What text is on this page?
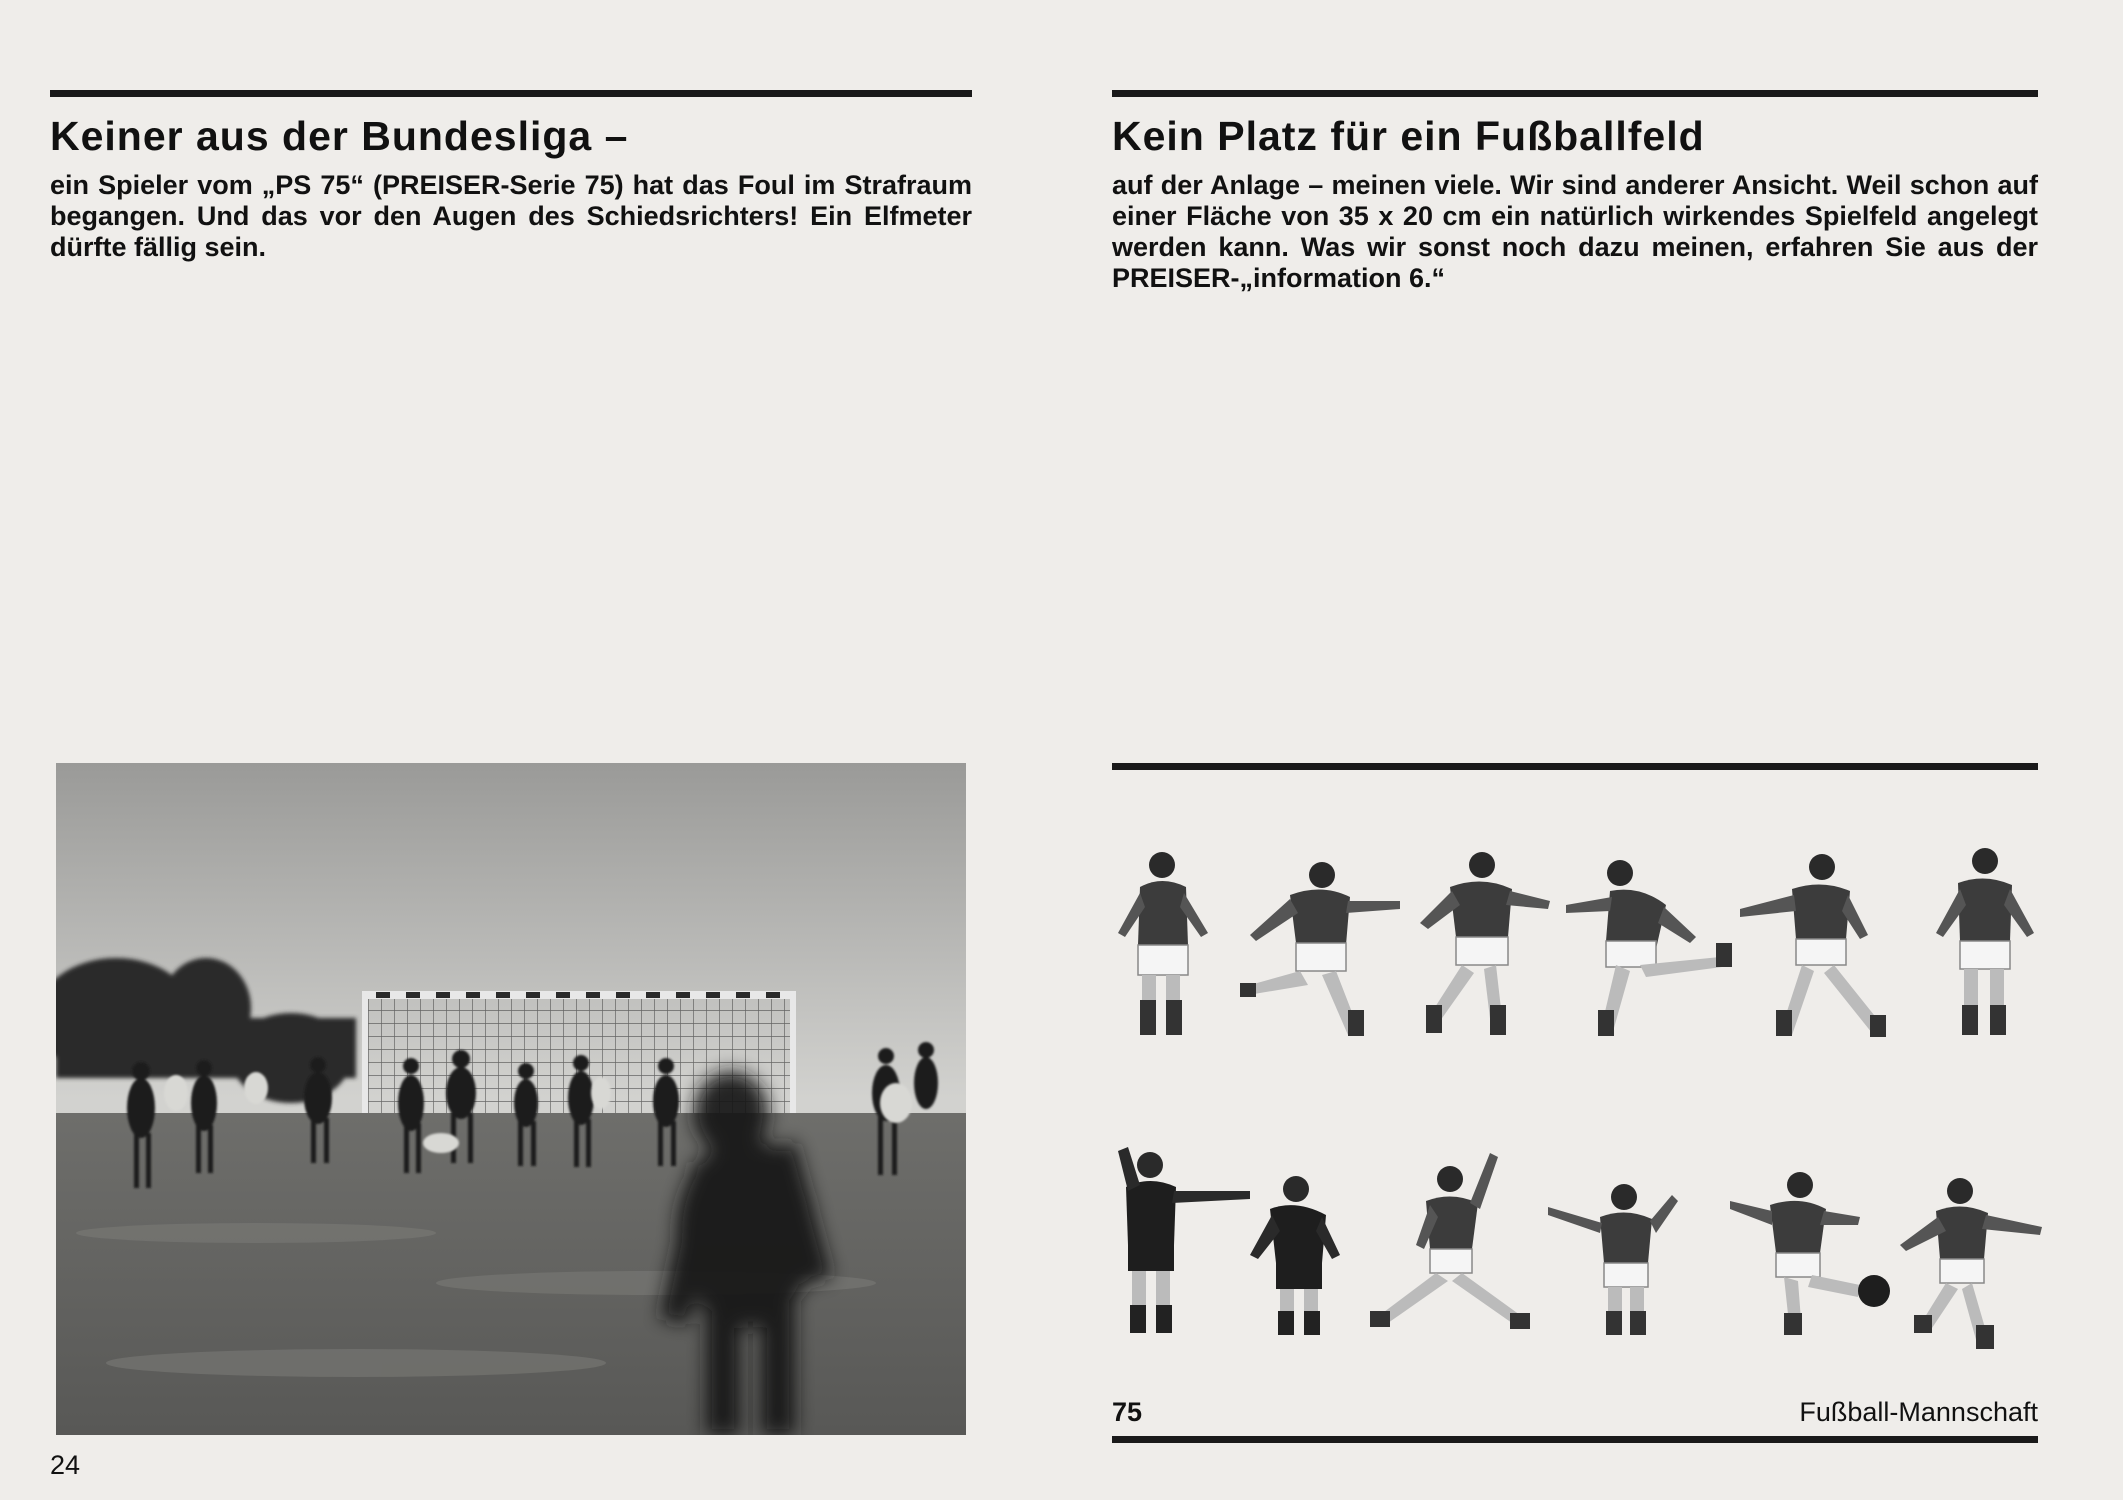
Keiner aus der Bundesliga –

ein Spieler vom „PS 75“ (PREISER-Serie 75) hat das Foul im Strafraum begangen. Und das vor den Augen des Schiedsrichters! Ein Elfmeter dürfte fällig sein.

Kein Platz für ein Fußballfeld

auf der Anlage – meinen viele. Wir sind anderer Ansicht. Weil schon auf einer Fläche von 35 x 20 cm ein natürlich wirkendes Spielfeld angelegt werden kann. Was wir sonst noch dazu meinen, erfahren Sie aus der PREISER-„information 6.“

75	Fußball-Mannschaft
24
